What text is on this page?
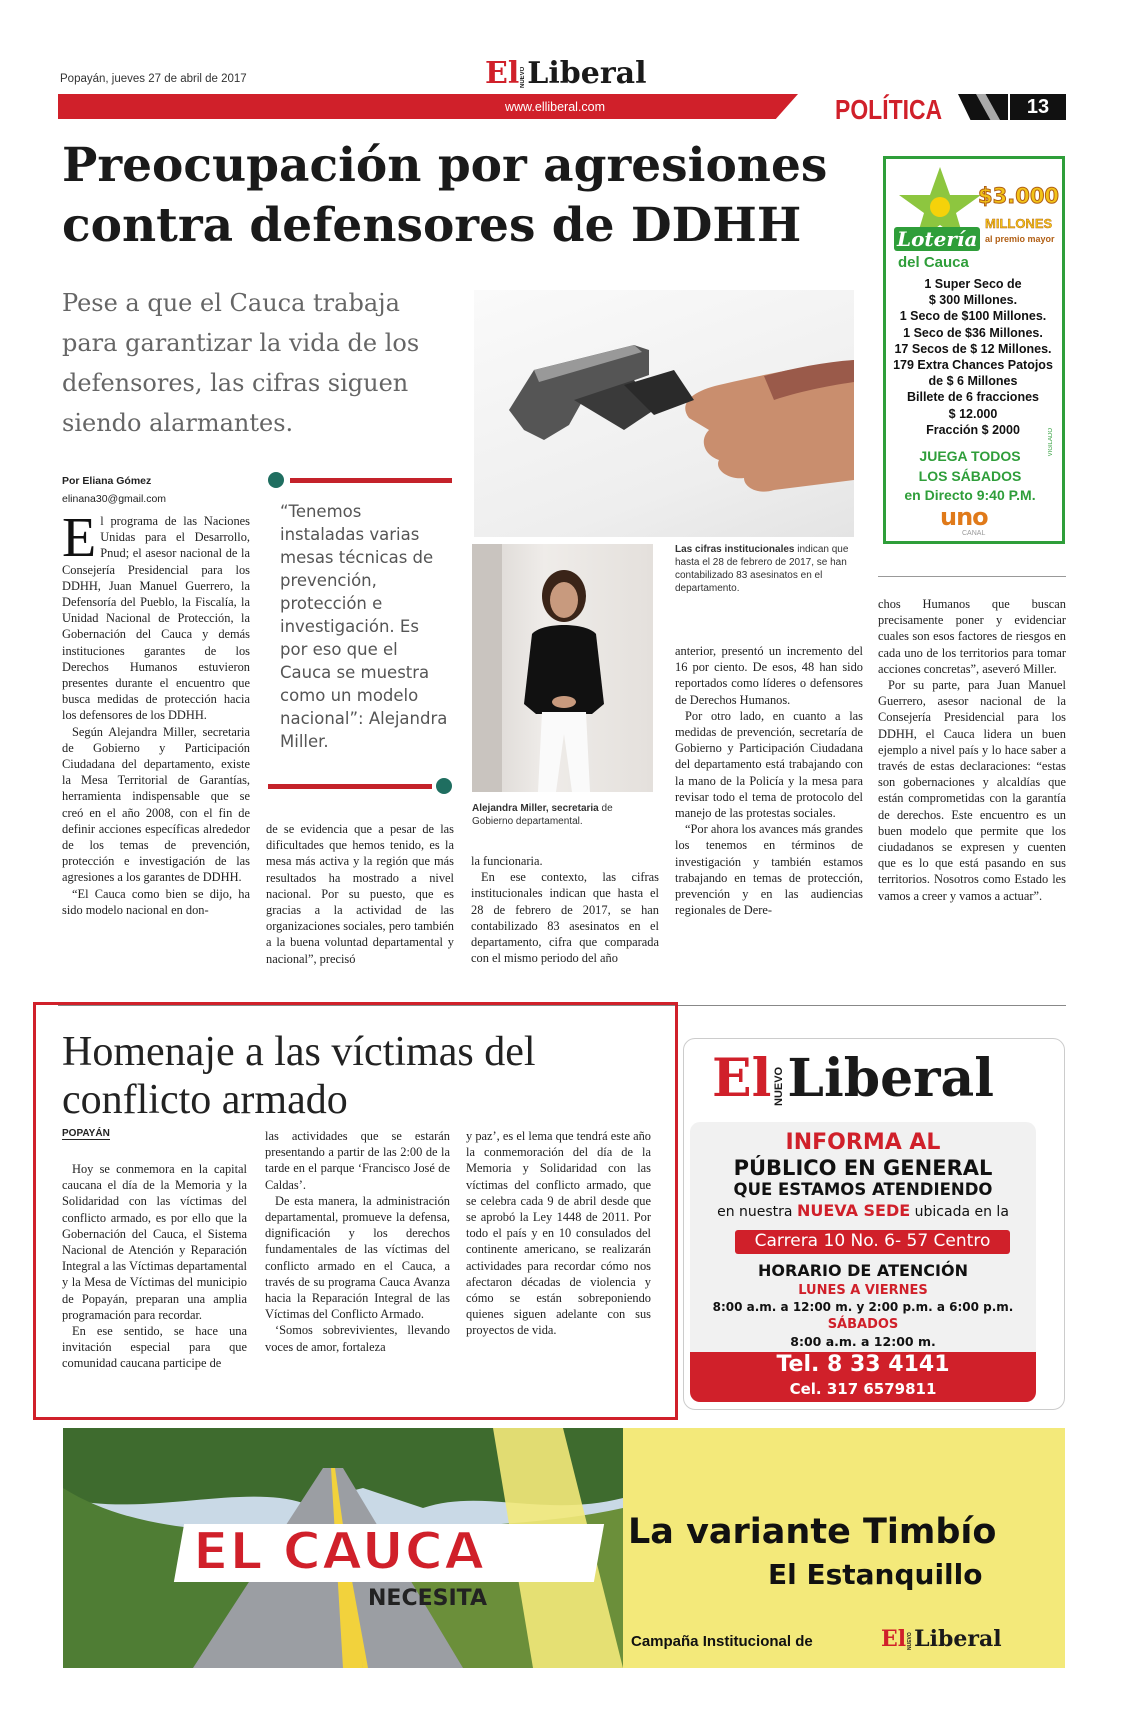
Popayán, jueves 27 de abril de 2017	ElNUEVOLiberal
www.elliberal.com	POLÍTICA	13
Preocupación por agresiones contra defensores de DDHH
Pese a que el Cauca trabaja para garantizar la vida de los defensores, las cifras siguen siendo alarmantes.
Las cifras institucionales indican que hasta el 28 de febrero de 2017, se han contabilizado 83 asesinatos en el departamento.
Por Eliana Gómez
elinana30@gmail.com
E l programa de las Naciones Unidas para el Desarrollo, Pnud; el asesor nacional de la Consejería Presidencial para los DDHH, Juan Manuel Guerrero, la Defensoría del Pueblo, la Fiscalía, la Unidad Nacional de Protección, la Gobernación del Cauca y demás instituciones garantes de los Derechos Humanos estuvieron presentes durante el encuentro que busca medidas de protección hacia los defensores de los DDHH.

Según Alejandra Miller, secretaria de Gobierno y Participación Ciudadana del departamento, existe la Mesa Territorial de Garantías, herramienta indispensable que se creó en el año 2008, con el fin de definir acciones específicas alrededor de los temas de prevención, protección e investigación de las agresiones a los garantes de DDHH.

“El Cauca como bien se dijo, ha sido modelo nacional en don-

“Tenemos instaladas varias mesas técnicas de prevención, protección e investigación. Es por eso que el Cauca se muestra como un modelo nacional”: Alejandra Miller.

de se evidencia que a pesar de las dificultades que hemos tenido, es la mesa más activa y la región que más resultados ha mostrado a nivel nacional. Por su puesto, que es gracias a la actividad de las organizaciones sociales, pero también a la buena voluntad departamental y nacional”, precisó

Alejandra Miller, secretaria de Gobierno departamental.

la funcionaria.

En ese contexto, las cifras institucionales indican que hasta el 28 de febrero de 2017, se han contabilizado 83 asesinatos en el departamento, cifra que comparada con el mismo periodo del año

anterior, presentó un incremento del 16 por ciento. De esos, 48 han sido reportados como líderes o defensores de Derechos Humanos.

Por otro lado, en cuanto a las medidas de prevención, secretaría de Gobierno y Participación Ciudadana del departamento está trabajando con la mano de la Policía y la mesa para revisar todo el tema de protocolo del manejo de las protestas sociales.

“Por ahora los avances más grandes los tenemos en términos de investigación y también estamos trabajando en temas de protección, prevención y en las audiencias regionales de Dere-

chos Humanos que buscan precisamente poner y evidenciar cuales son esos factores de riesgos en cada uno de los territorios para tomar acciones concretas”, aseveró Miller.

Por su parte, para Juan Manuel Guerrero, asesor nacional de la Consejería Presidencial para los DDHH, el Cauca lidera un buen ejemplo a nivel país y lo hace saber a través de estas declaraciones: “estas son gobernaciones y alcaldías que están comprometidas con la garantía de derechos. Este encuentro es un buen modelo que permite que los ciudadanos se expresen y cuenten que es lo que está pasando en sus territorios. Nosotros como Estado les vamos a creer y vamos a actuar”.

Lotería
del Cauca
$3.000
MILLONES
al premio mayor
1 Super Seco de
$ 300 Millones.
1 Seco de $100 Millones.
1 Seco de $36 Millones.
17 Secos de $ 12 Millones.
179 Extra Chances Patojos
de $ 6 Millones
Billete de 6 fracciones
$ 12.000
Fracción $ 2000
JUEGA TODOS
LOS SÁBADOS
en Directo 9:40 P.M.
uno
CANAL
VIGILADO
Homenaje a las víctimas del conflicto armado
POPAYÁN

Hoy se conmemora en la capital caucana el día de la Memoria y la Solidaridad con las víctimas del conflicto armado, es por ello que la Gobernación del Cauca, el Sistema Nacional de Atención y Reparación Integral a las Víctimas departamental y la Mesa de Víctimas del municipio de Popayán, preparan una amplia programación para recordar.

En ese sentido, se hace una invitación especial para que comunidad caucana participe de

las actividades que se estarán presentando a partir de las 2:00 de la tarde en el parque ‘Francisco José de Caldas’.

De esta manera, la administración departamental, promueve la defensa, dignificación y los derechos fundamentales de las víctimas del conflicto armado en el Cauca, a través de su programa Cauca Avanza hacia la Reparación Integral de las Víctimas del Conflicto Armado.

‘Somos sobrevivientes, llevando voces de amor, fortaleza

y paz’, es el lema que tendrá este año la conmemoración del día de la Memoria y Solidaridad con las víctimas del conflicto armado, que se celebra cada 9 de abril desde que se aprobó la Ley 1448 de 2011. Por todo el país y en 10 consulados del continente americano, se realizarán actividades para recordar cómo nos afectaron décadas de violencia y cómo se están sobreponiendo quienes siguen adelante con sus proyectos de vida.

El NUEVOLiberal
INFORMA AL
PÚBLICO EN GENERAL
QUE ESTAMOS ATENDIENDO
en nuestra NUEVA SEDE ubicada en la
Carrera 10 No. 6- 57 Centro
HORARIO DE ATENCIÓN
LUNES A VIERNES
8:00 a.m. a 12:00 m. y 2:00 p.m. a 6:00 p.m.
SÁBADOS
8:00 a.m. a 12:00 m.
Tel. 8 33 4141
Cel. 317 6579811
EL CAUCA
NECESITA
La variante Timbío
El Estanquillo
Campaña Institucional de	ElNUEVOLiberal
